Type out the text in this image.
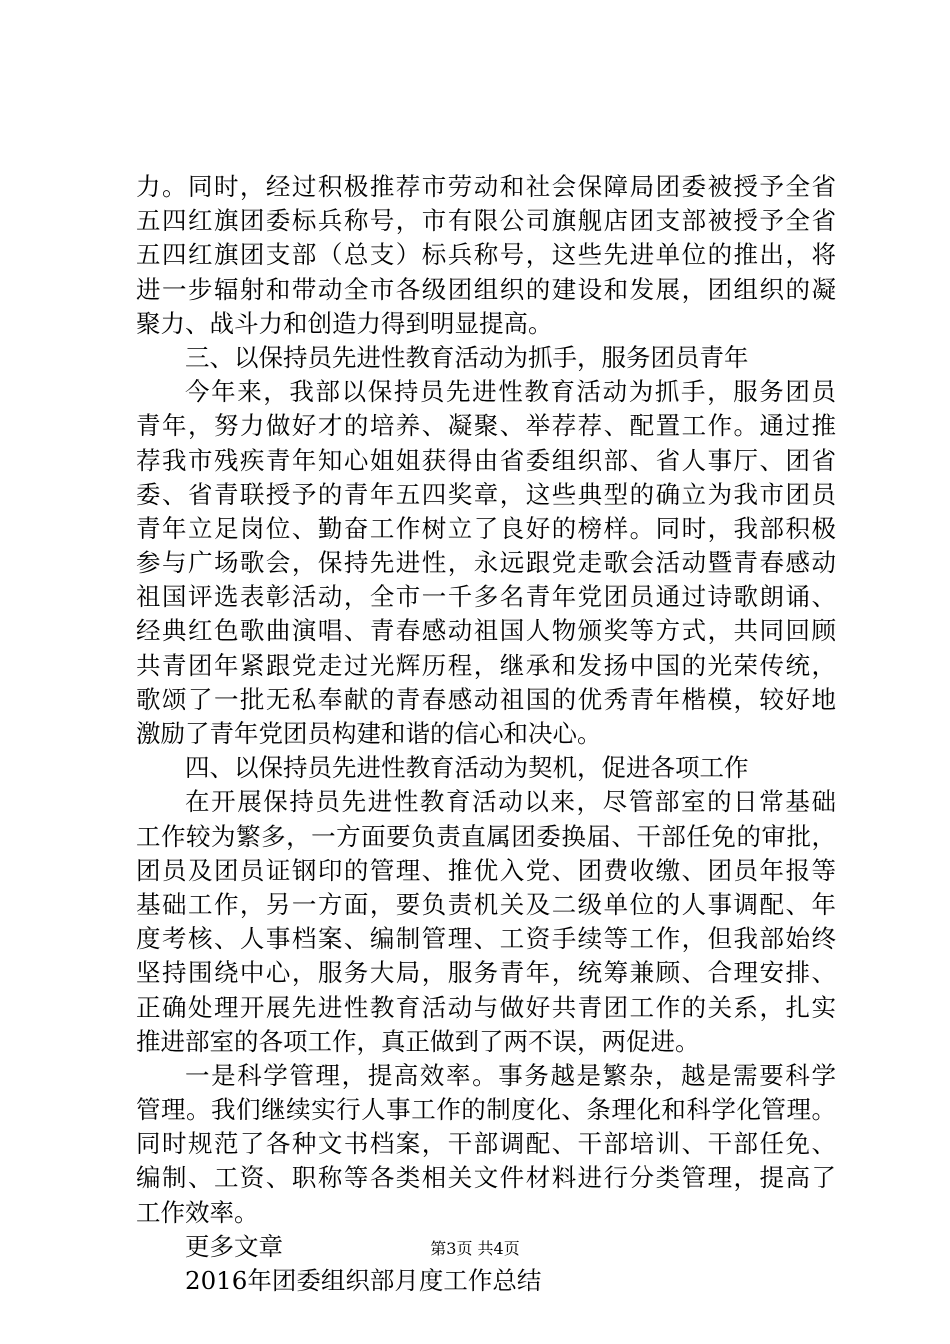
力。同时，经过积极推荐市劳动和社会保障局团委被授予全省
五四红旗团委标兵称号，市有限公司旗舰店团支部被授予全省
五四红旗团支部（总支）标兵称号，这些先进单位的推出，将
进一步辐射和带动全市各级团组织的建设和发展，团组织的凝
聚力、战斗力和创造力得到明显提高。
三、以保持员先进性教育活动为抓手，服务团员青年
今年来，我部以保持员先进性教育活动为抓手，服务团员
青年，努力做好才的培养、凝聚、举荐荐、配置工作。通过推
荐我市残疾青年知心姐姐获得由省委组织部、省人事厅、团省
委、省青联授予的青年五四奖章，这些典型的确立为我市团员
青年立足岗位、勤奋工作树立了良好的榜样。同时，我部积极
参与广场歌会，保持先进性，永远跟党走歌会活动暨青春感动
祖国评选表彰活动，全市一千多名青年党团员通过诗歌朗诵、
经典红色歌曲演唱、青春感动祖国人物颁奖等方式，共同回顾
共青团年紧跟党走过光辉历程，继承和发扬中国的光荣传统，
歌颂了一批无私奉献的青春感动祖国的优秀青年楷模，较好地
激励了青年党团员构建和谐的信心和决心。
四、以保持员先进性教育活动为契机，促进各项工作
在开展保持员先进性教育活动以来，尽管部室的日常基础
工作较为繁多，一方面要负责直属团委换届、干部任免的审批，
团员及团员证钢印的管理、推优入党、团费收缴、团员年报等
基础工作，另一方面，要负责机关及二级单位的人事调配、年
度考核、人事档案、编制管理、工资手续等工作，但我部始终
坚持围绕中心，服务大局，服务青年，统筹兼顾、合理安排、
正确处理开展先进性教育活动与做好共青团工作的关系，扎实
推进部室的各项工作，真正做到了两不误，两促进。
一是科学管理，提高效率。事务越是繁杂，越是需要科学
管理。我们继续实行人事工作的制度化、条理化和科学化管理。
同时规范了各种文书档案，干部调配、干部培训、干部任免、
编制、工资、职称等各类相关文件材料进行分类管理，提高了
工作效率。
更多文章
2016年团委组织部月度工作总结
第3页 共4页
